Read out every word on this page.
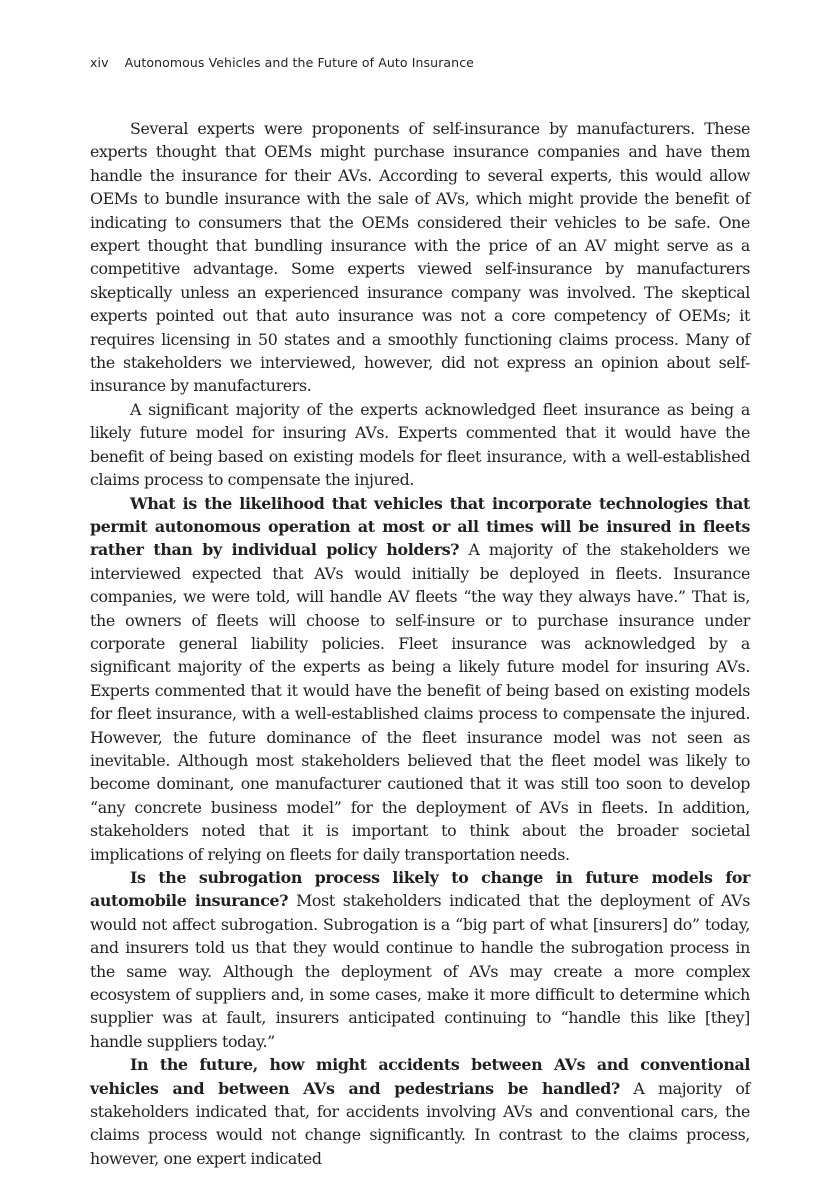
xiv Autonomous Vehicles and the Future of Auto Insurance

Several experts were proponents of self-insurance by manufacturers. These experts thought that OEMs might purchase insurance companies and have them handle the insurance for their AVs. According to several experts, this would allow OEMs to bundle insurance with the sale of AVs, which might provide the benefit of indicating to consumers that the OEMs considered their vehicles to be safe. One expert thought that bundling insurance with the price of an AV might serve as a competitive advantage. Some experts viewed self-insurance by manufacturers skeptically unless an experienced insurance company was involved. The skeptical experts pointed out that auto insurance was not a core competency of OEMs; it requires licensing in 50 states and a smoothly functioning claims process. Many of the stakeholders we interviewed, however, did not express an opinion about self-insurance by manufacturers.

A significant majority of the experts acknowledged fleet insurance as being a likely future model for insuring AVs. Experts commented that it would have the benefit of being based on existing models for fleet insurance, with a well-established claims process to compensate the injured.

What is the likelihood that vehicles that incorporate technologies that permit autonomous operation at most or all times will be insured in fleets rather than by individual policy holders? A majority of the stakeholders we interviewed expected that AVs would initially be deployed in fleets. Insurance companies, we were told, will handle AV fleets “the way they always have.” That is, the owners of fleets will choose to self-insure or to purchase insurance under corporate general liability policies. Fleet insurance was acknowledged by a significant majority of the experts as being a likely future model for insuring AVs. Experts commented that it would have the benefit of being based on existing models for fleet insurance, with a well-established claims process to compensate the injured. However, the future dominance of the fleet insurance model was not seen as inevitable. Although most stakeholders believed that the fleet model was likely to become dominant, one manufacturer cautioned that it was still too soon to develop “any concrete business model” for the deployment of AVs in fleets. In addition, stakeholders noted that it is important to think about the broader societal implications of relying on fleets for daily transportation needs.

Is the subrogation process likely to change in future models for automobile insurance? Most stakeholders indicated that the deployment of AVs would not affect subrogation. Subrogation is a “big part of what [insurers] do” today, and insurers told us that they would continue to handle the subrogation process in the same way. Although the deployment of AVs may create a more complex ecosystem of suppliers and, in some cases, make it more difficult to determine which supplier was at fault, insurers anticipated continuing to “handle this like [they] handle suppliers today.”

In the future, how might accidents between AVs and conventional vehicles and between AVs and pedestrians be handled? A majority of stakeholders indicated that, for accidents involving AVs and conventional cars, the claims process would not change significantly. In contrast to the claims process, however, one expert indicated
